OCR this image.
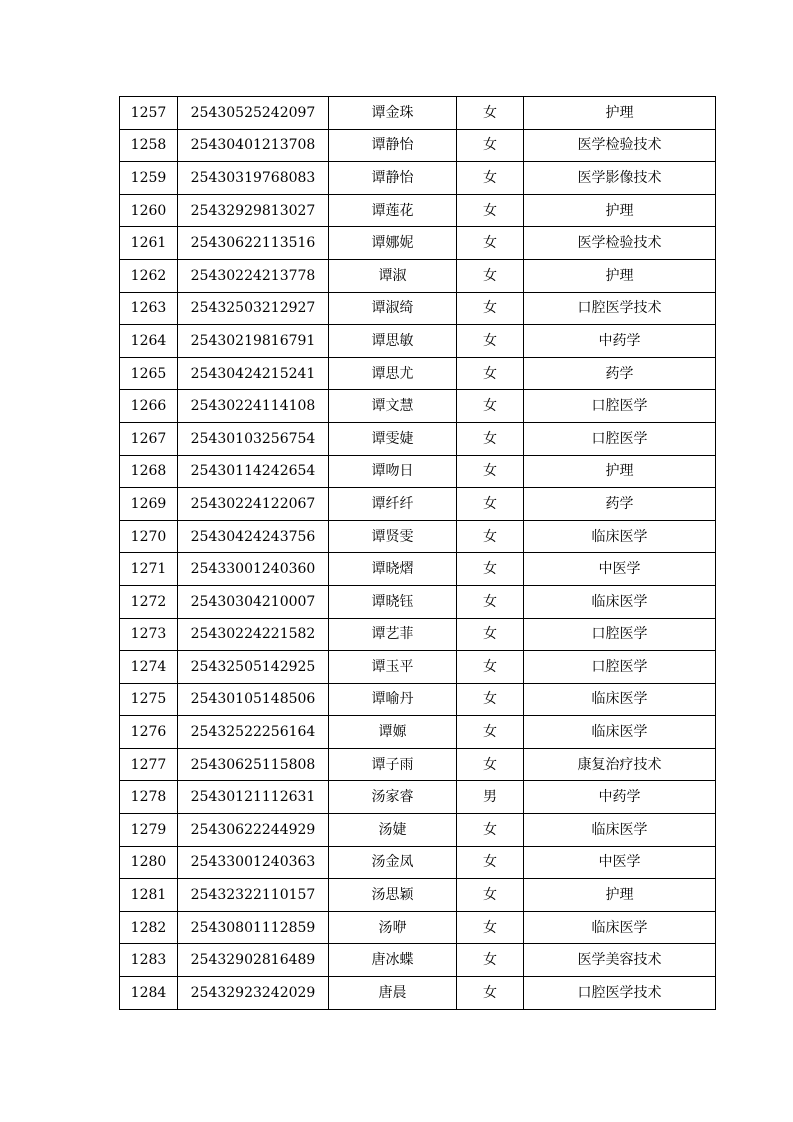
1257	25430525242097	谭金珠	女	护理
1258	25430401213708	谭静怡	女	医学检验技术
1259	25430319768083	谭静怡	女	医学影像技术
1260	25432929813027	谭莲花	女	护理
1261	25430622113516	谭娜妮	女	医学检验技术
1262	25430224213778	谭淑	女	护理
1263	25432503212927	谭淑绮	女	口腔医学技术
1264	25430219816791	谭思敏	女	中药学
1265	25430424215241	谭思尤	女	药学
1266	25430224114108	谭文慧	女	口腔医学
1267	25430103256754	谭雯婕	女	口腔医学
1268	25430114242654	谭吻日	女	护理
1269	25430224122067	谭纤纤	女	药学
1270	25430424243756	谭贤雯	女	临床医学
1271	25433001240360	谭晓熠	女	中医学
1272	25430304210007	谭晓钰	女	临床医学
1273	25430224221582	谭艺菲	女	口腔医学
1274	25432505142925	谭玉平	女	口腔医学
1275	25430105148506	谭喻丹	女	临床医学
1276	25432522256164	谭嫄	女	临床医学
1277	25430625115808	谭子雨	女	康复治疗技术
1278	25430121112631	汤家睿	男	中药学
1279	25430622244929	汤婕	女	临床医学
1280	25433001240363	汤金凤	女	中医学
1281	25432322110157	汤思颖	女	护理
1282	25430801112859	汤咿	女	临床医学
1283	25432902816489	唐冰蝶	女	医学美容技术
1284	25432923242029	唐晨	女	口腔医学技术
